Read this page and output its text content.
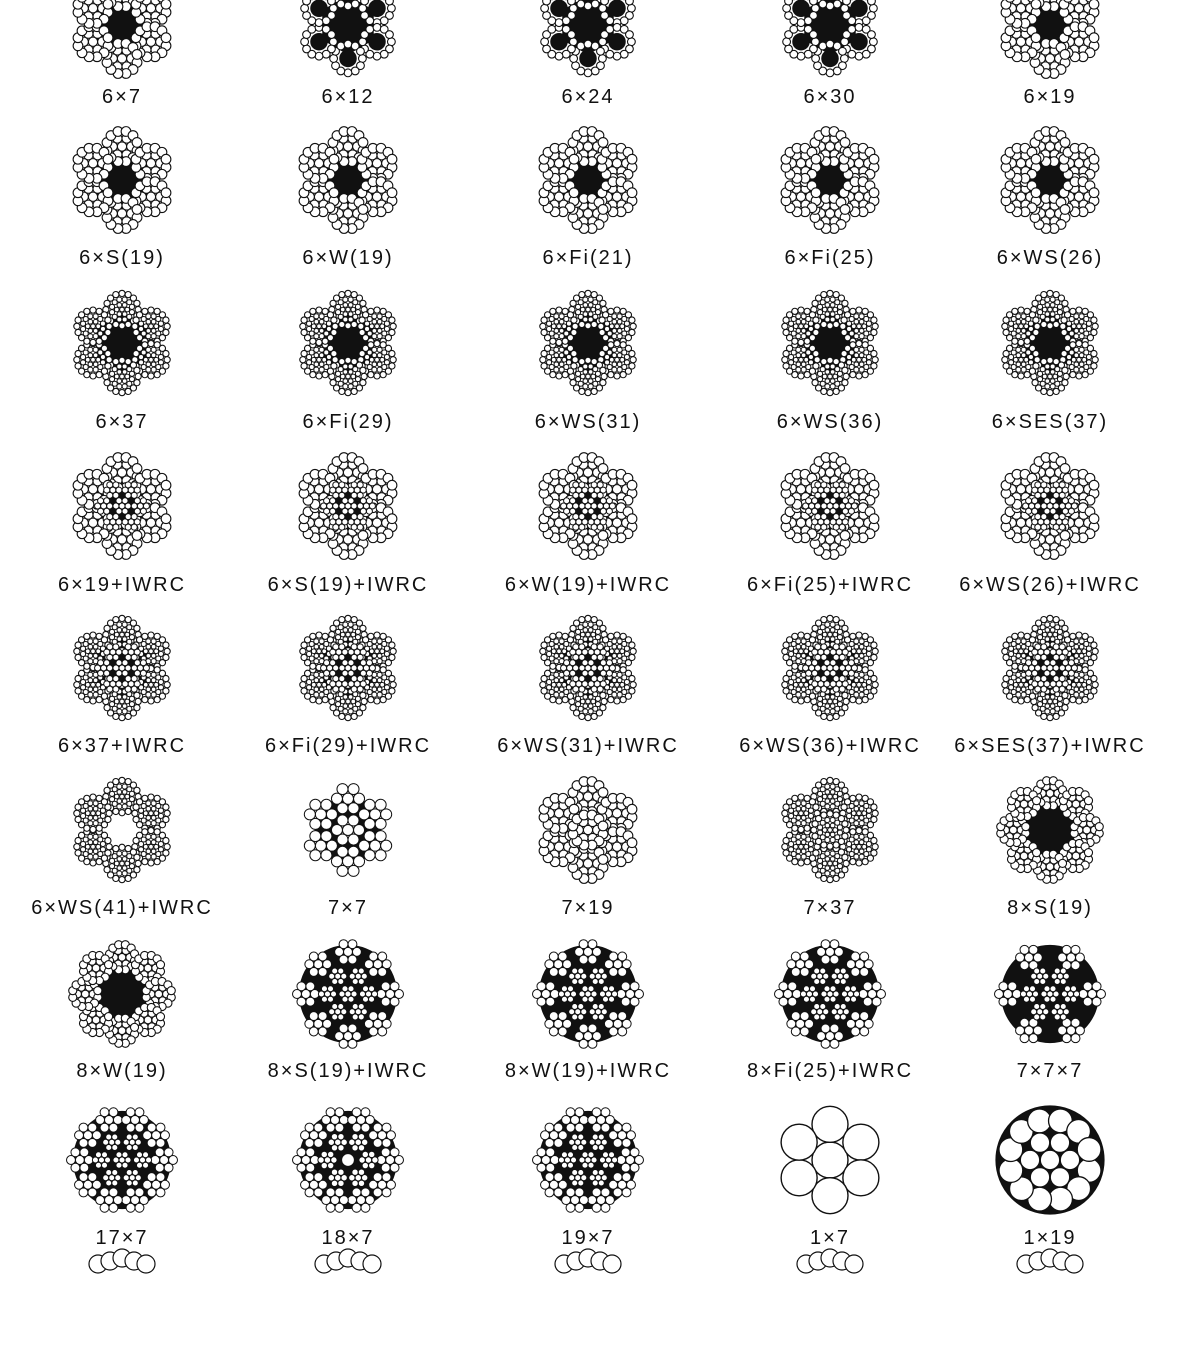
6×7	6×12	6×24	6×30	6×19
6×S(19)	6×W(19)	6×Fi(21)	6×Fi(25)	6×WS(26)
6×37	6×Fi(29)	6×WS(31)	6×WS(36)	6×SES(37)
6×19+IWRC	6×S(19)+IWRC	6×W(19)+IWRC	6×Fi(25)+IWRC	6×WS(26)+IWRC
6×37+IWRC	6×Fi(29)+IWRC	6×WS(31)+IWRC	6×WS(36)+IWRC	6×SES(37)+IWRC
6×WS(41)+IWRC	7×7	7×19	7×37	8×S(19)
8×W(19)	8×S(19)+IWRC	8×W(19)+IWRC	8×Fi(25)+IWRC	7×7×7
17×7	18×7	19×7	1×7	1×19
